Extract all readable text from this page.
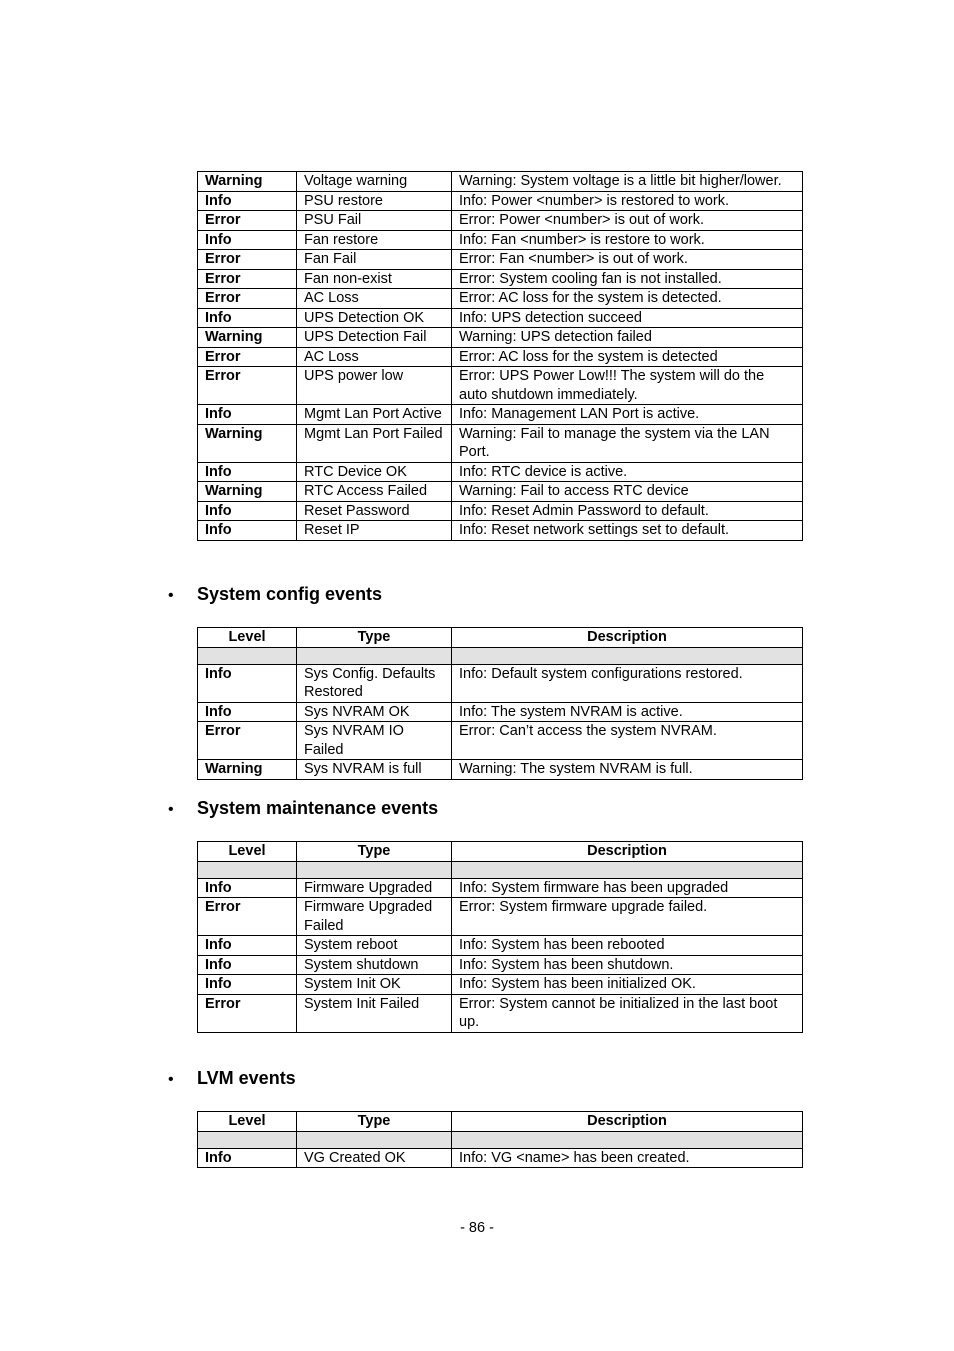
Warning	Voltage warning	Warning: System voltage is a little bit higher/lower.
Info	PSU restore	Info: Power <number> is restored to work.
Error	PSU Fail	Error: Power <number> is out of work.
Info	Fan restore	Info: Fan <number> is restore to work.
Error	Fan Fail	Error: Fan <number> is out of work.
Error	Fan non-exist	Error: System cooling fan is not installed.
Error	AC Loss	Error: AC loss for the system is detected.
Info	UPS Detection OK	Info: UPS detection succeed
Warning	UPS Detection Fail	Warning: UPS detection failed
Error	AC Loss	Error: AC loss for the system is detected
Error	UPS power low	Error: UPS Power Low!!! The system will do the auto shutdown immediately.
Info	Mgmt Lan Port Active	Info: Management LAN Port is active.
Warning	Mgmt Lan Port Failed	Warning: Fail to manage the system via the LAN Port.
Info	RTC Device OK	Info: RTC device is active.
Warning	RTC Access Failed	Warning: Fail to access RTC device
Info	Reset Password	Info: Reset Admin Password to default.
Info	Reset IP	Info: Reset network settings set to default.
• System config events
Level	Type	Description

Info	Sys Config. Defaults Restored	Info: Default system configurations restored.
Info	Sys NVRAM OK	Info: The system NVRAM is active.
Error	Sys NVRAM IO Failed	Error: Can’t access the system NVRAM.
Warning	Sys NVRAM is full	Warning: The system NVRAM is full.
• System maintenance events
Level	Type	Description

Info	Firmware Upgraded	Info: System firmware has been upgraded
Error	Firmware Upgraded Failed	Error: System firmware upgrade failed.
Info	System reboot	Info: System has been rebooted
Info	System shutdown	Info: System has been shutdown.
Info	System Init OK	Info: System has been initialized OK.
Error	System Init Failed	Error: System cannot be initialized in the last boot up.
• LVM events
Level	Type	Description

Info	VG Created OK	Info: VG <name> has been created.
- 86 -
